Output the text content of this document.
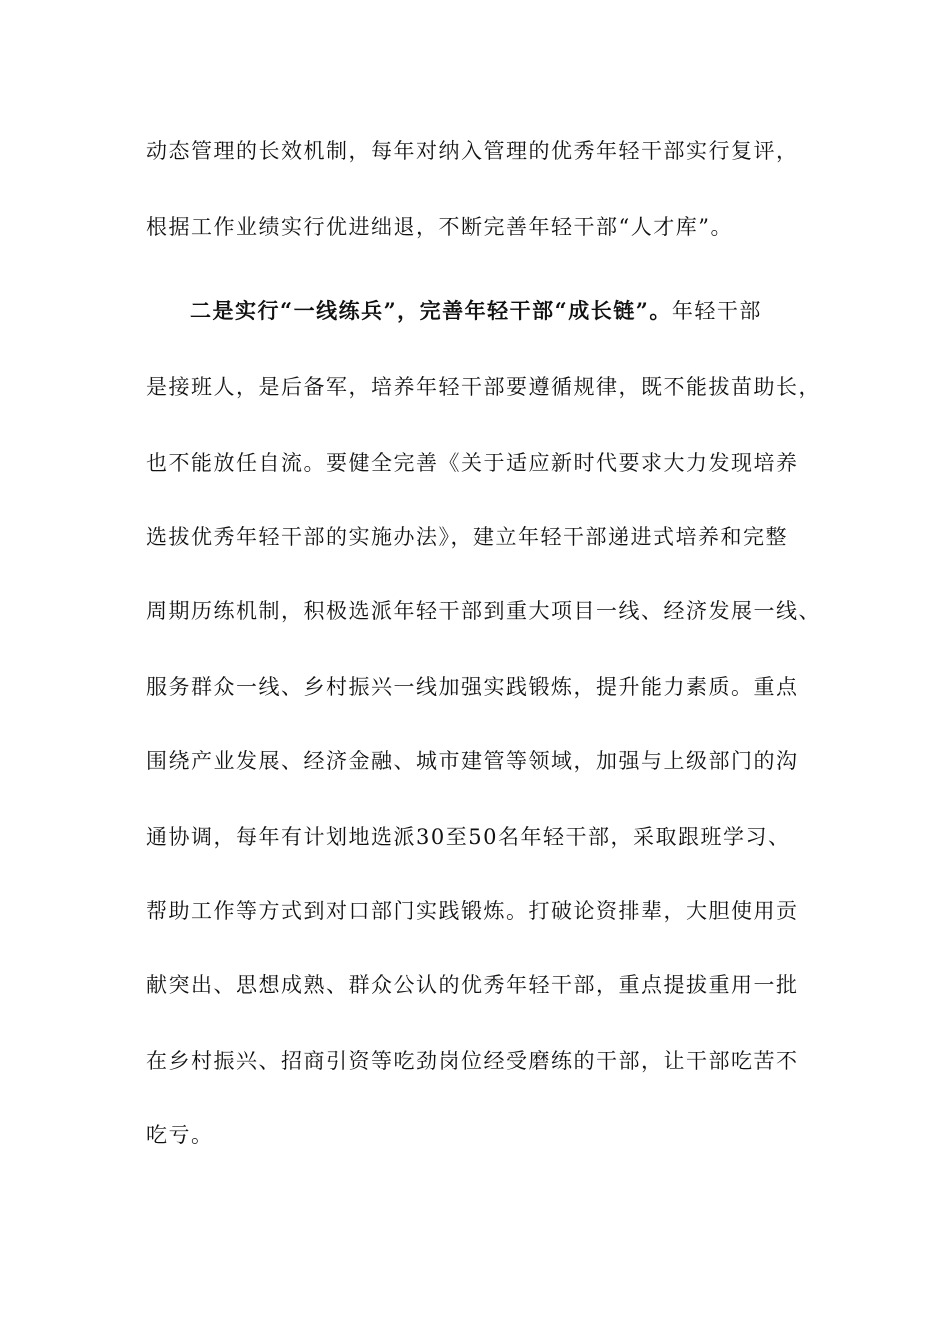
动态管理的长效机制，每年对纳入管理的优秀年轻干部实行复评，
根据工作业绩实行优进绌退，不断完善年轻干部“人才库”。
二是实行“一线练兵”，完善年轻干部“成长链”。年轻干部
是接班人，是后备军，培养年轻干部要遵循规律，既不能拔苗助长，
也不能放任自流。要健全完善《关于适应新时代要求大力发现培养
选拔优秀年轻干部的实施办法》，建立年轻干部递进式培养和完整
周期历练机制，积极选派年轻干部到重大项目一线、经济发展一线、
服务群众一线、乡村振兴一线加强实践锻炼，提升能力素质。重点
围绕产业发展、经济金融、城市建管等领域，加强与上级部门的沟
通协调，每年有计划地选派30至50名年轻干部，采取跟班学习、
帮助工作等方式到对口部门实践锻炼。打破论资排辈，大胆使用贡
献突出、思想成熟、群众公认的优秀年轻干部，重点提拔重用一批
在乡村振兴、招商引资等吃劲岗位经受磨练的干部，让干部吃苦不
吃亏。
